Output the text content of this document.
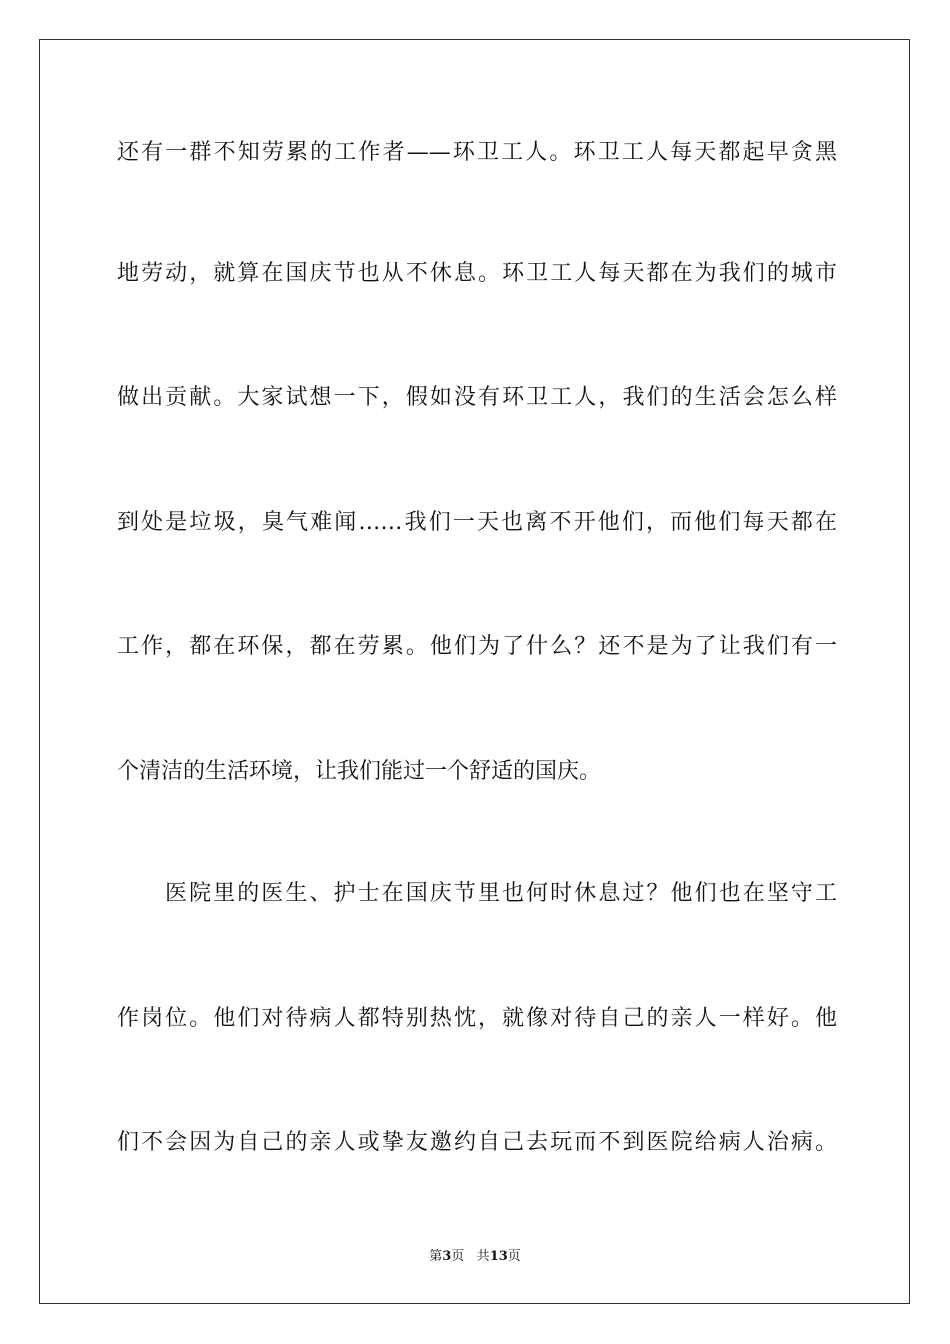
还有一群不知劳累的工作者——环卫工人。环卫工人每天都起早贪黑
地劳动，就算在国庆节也从不休息。环卫工人每天都在为我们的城市
做出贡献。大家试想一下，假如没有环卫工人，我们的生活会怎么样
到处是垃圾，臭气难闻……我们一天也离不开他们，而他们每天都在
工作，都在环保，都在劳累。他们为了什么？还不是为了让我们有一
个清洁的生活环境，让我们能过一个舒适的国庆。
医院里的医生、护士在国庆节里也何时休息过？他们也在坚守工
作岗位。他们对待病人都特别热忱，就像对待自己的亲人一样好。他
们不会因为自己的亲人或挚友邀约自己去玩而不到医院给病人治病。
第3页 共13页
